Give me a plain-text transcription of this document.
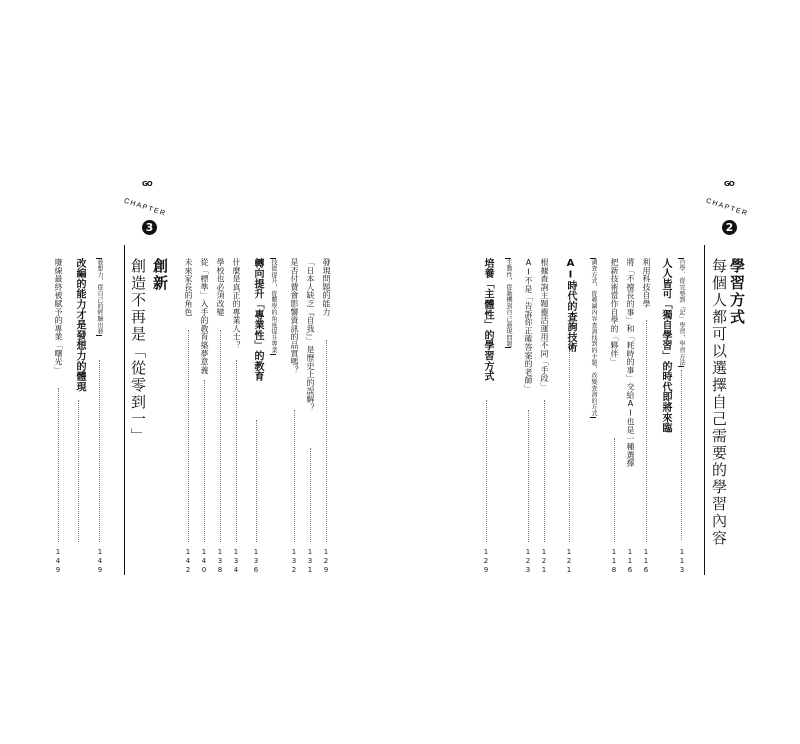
GO
CHAPTER
2
學習方式
每個人都可以選擇自己需要的學習內容
自學、從完整到「記」學習，學習方法
113
人人皆可「獨自學習」的時代即將來臨
利用科技自學
116
將「不擅長的事」和「耗時的事」交給AI也是一種選擇
116
把新技術當作自學的「夥伴」
118
調查方式，從範圍內容查詢找到的主題，改變查詢的方式
AI時代的查詢技術
121
根據查詢主題靈活運用不同「手段」
121
AI不是「告訴你正確答案的老師」
123
主動性，從動機到自己發現問題
培養「主體性」的學習方式
129
GO
CHAPTER
3
創新
創造不再是「從零到一」	發現問題的能力
129
「日本人缺乏『自我』」是歷史上的誤解？
131
是否付費會影響資訊的品質嗎？
132
技能提升，從數學的角度提升專業
轉向提升「專業性」的教育
136
什麼是真正的專業人士？
134
學校也必須改變
138
從「標準」入手的教育築夢意義
140
未來家長的角色
142
發想力，從自己的經驗出發
149
改編的能力才是發想力的體現
廢線最終被賦予的專業「曙光」
149
